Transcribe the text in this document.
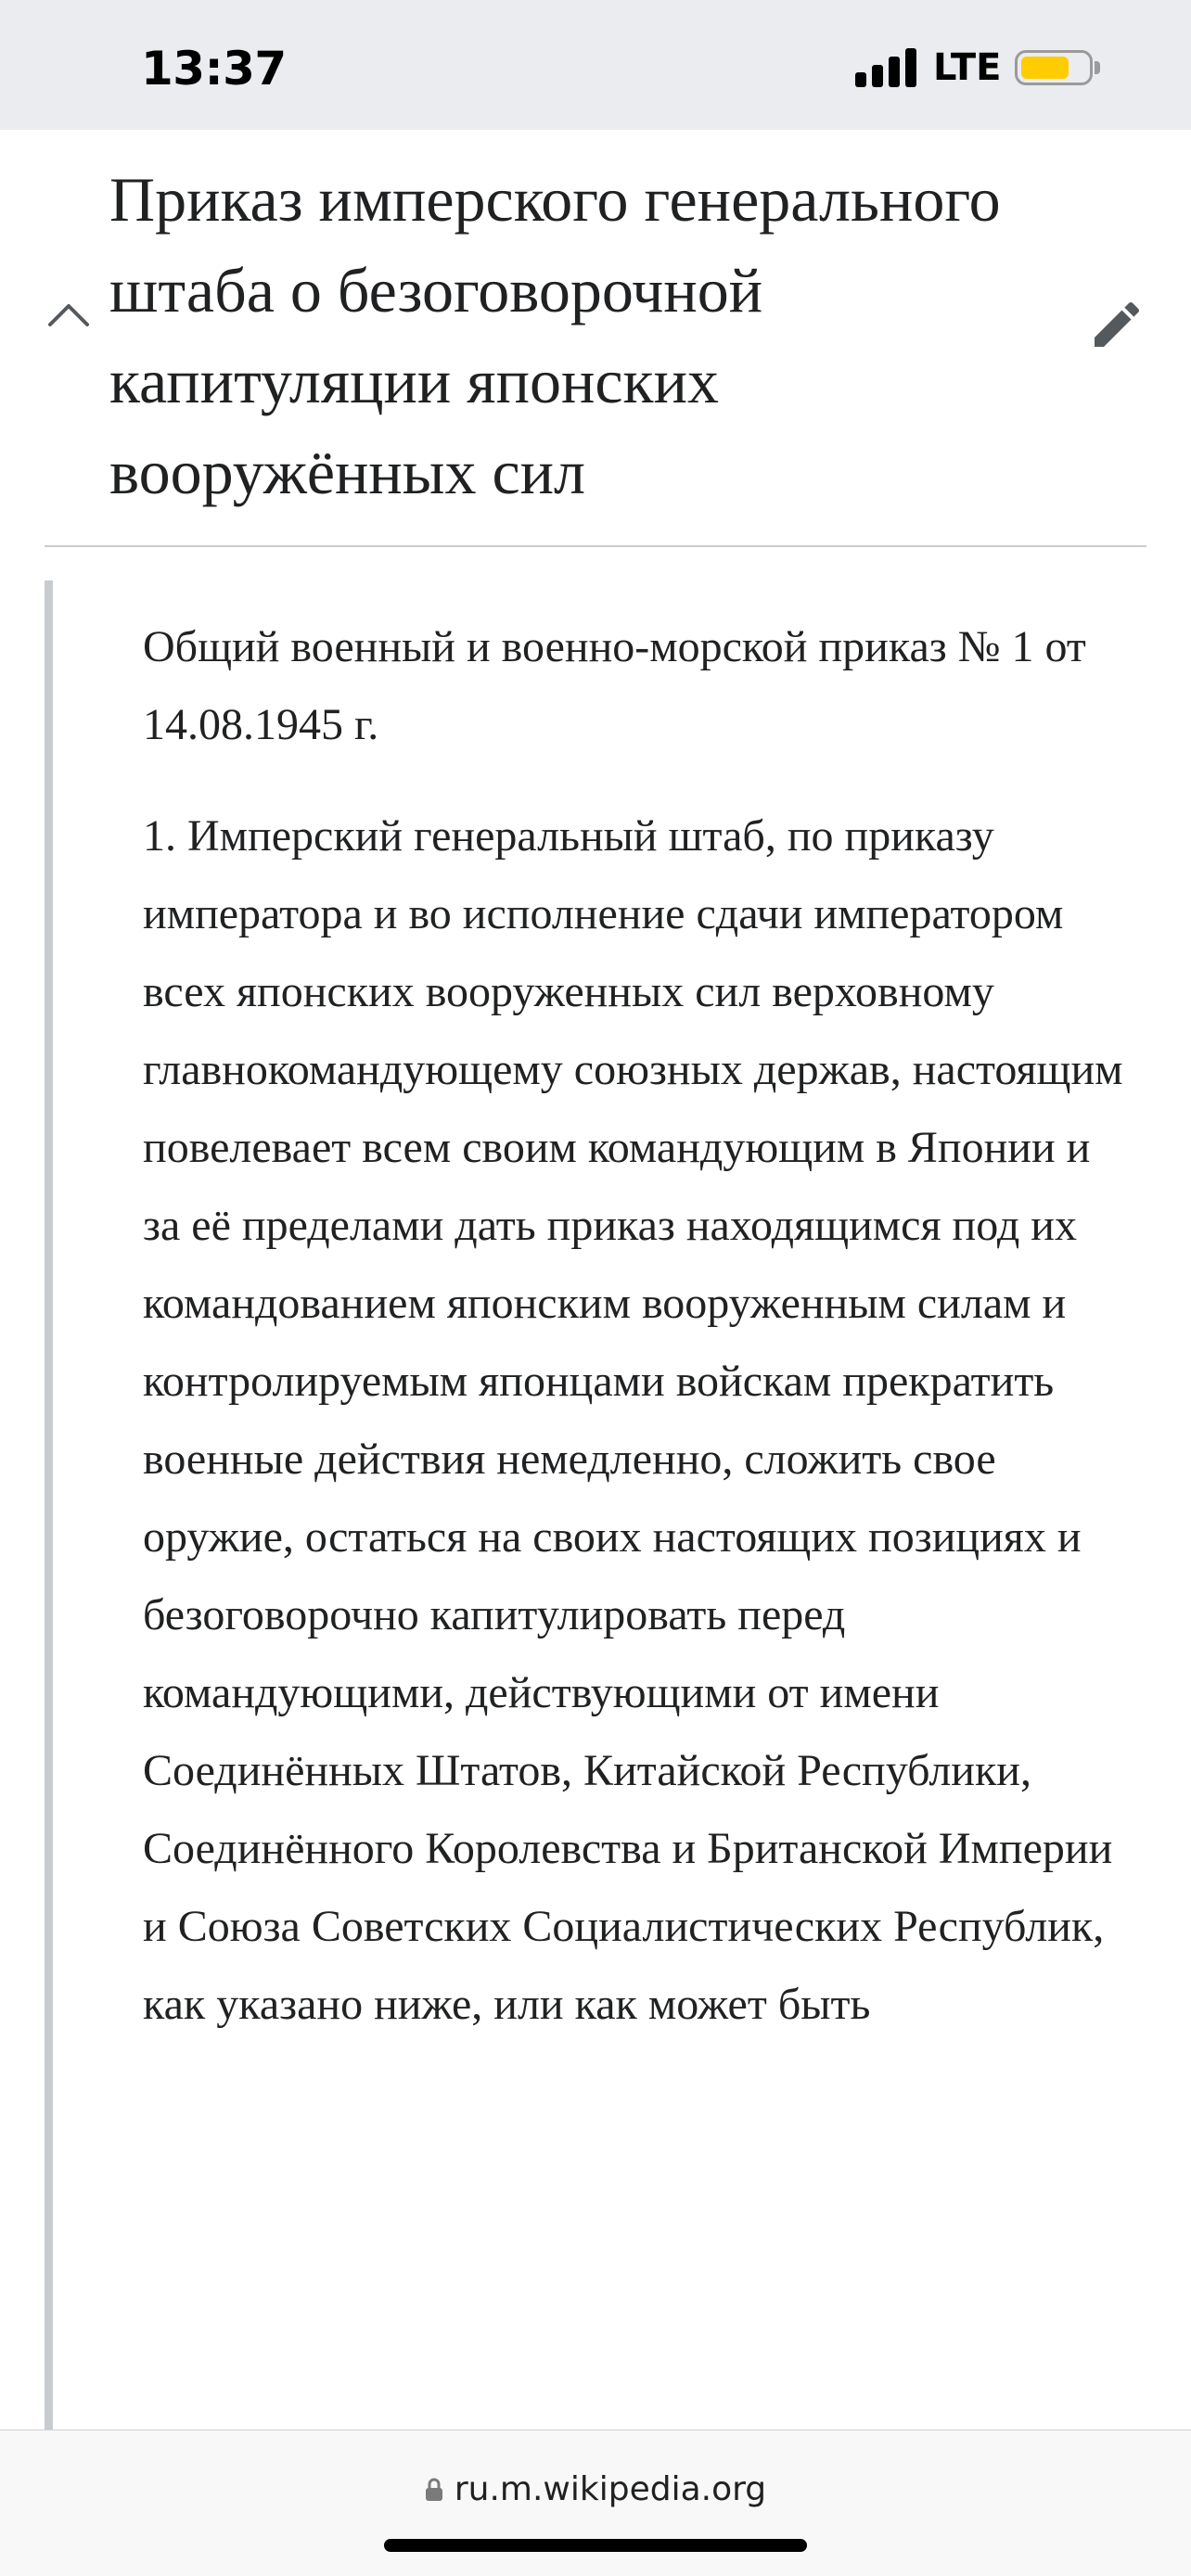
13:37	LTE
Приказ имперского генерального штаба о безоговорочной капитуляции японских вооружённых сил

Общий военный и военно-морской приказ № 1 от 14.08.1945 г.

1. Имперский генеральный штаб, по приказу императора и во исполнение сдачи императором всех японских вооруженных сил верховному главнокомандующему союзных держав, настоящим повелевает всем своим командующим в Японии и за её пределами дать приказ находящимся под их командованием японским вооруженным силам и контролируемым японцами войскам прекратить военные действия немедленно, сложить свое оружие, остаться на своих настоящих позициях и безоговорочно капитулировать перед командующими, действующими от имени Соединённых Штатов, Китайской Республики, Соединённого Королевства и Британской Империи и Союза Советских Социалистических Республик, как указано ниже, или как может быть

ru.m.wikipedia.org
